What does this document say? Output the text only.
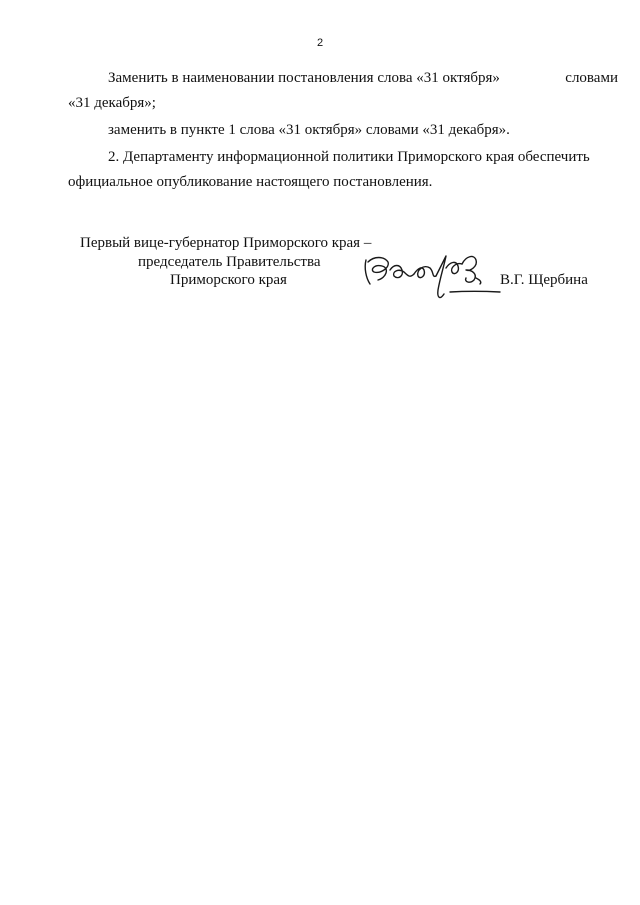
2
Заменить в наименовании постановления слова «31 октября»	словами
«31 декабря»;
заменить в пункте 1 слова «31 октября» словами «31 декабря».
2. Департаменту информационной политики Приморского края обеспечить
официальное опубликование настоящего постановления.
Первый вице-губернатор Приморского края –
председатель Правительства
Приморского края	В.Г. Щербина
